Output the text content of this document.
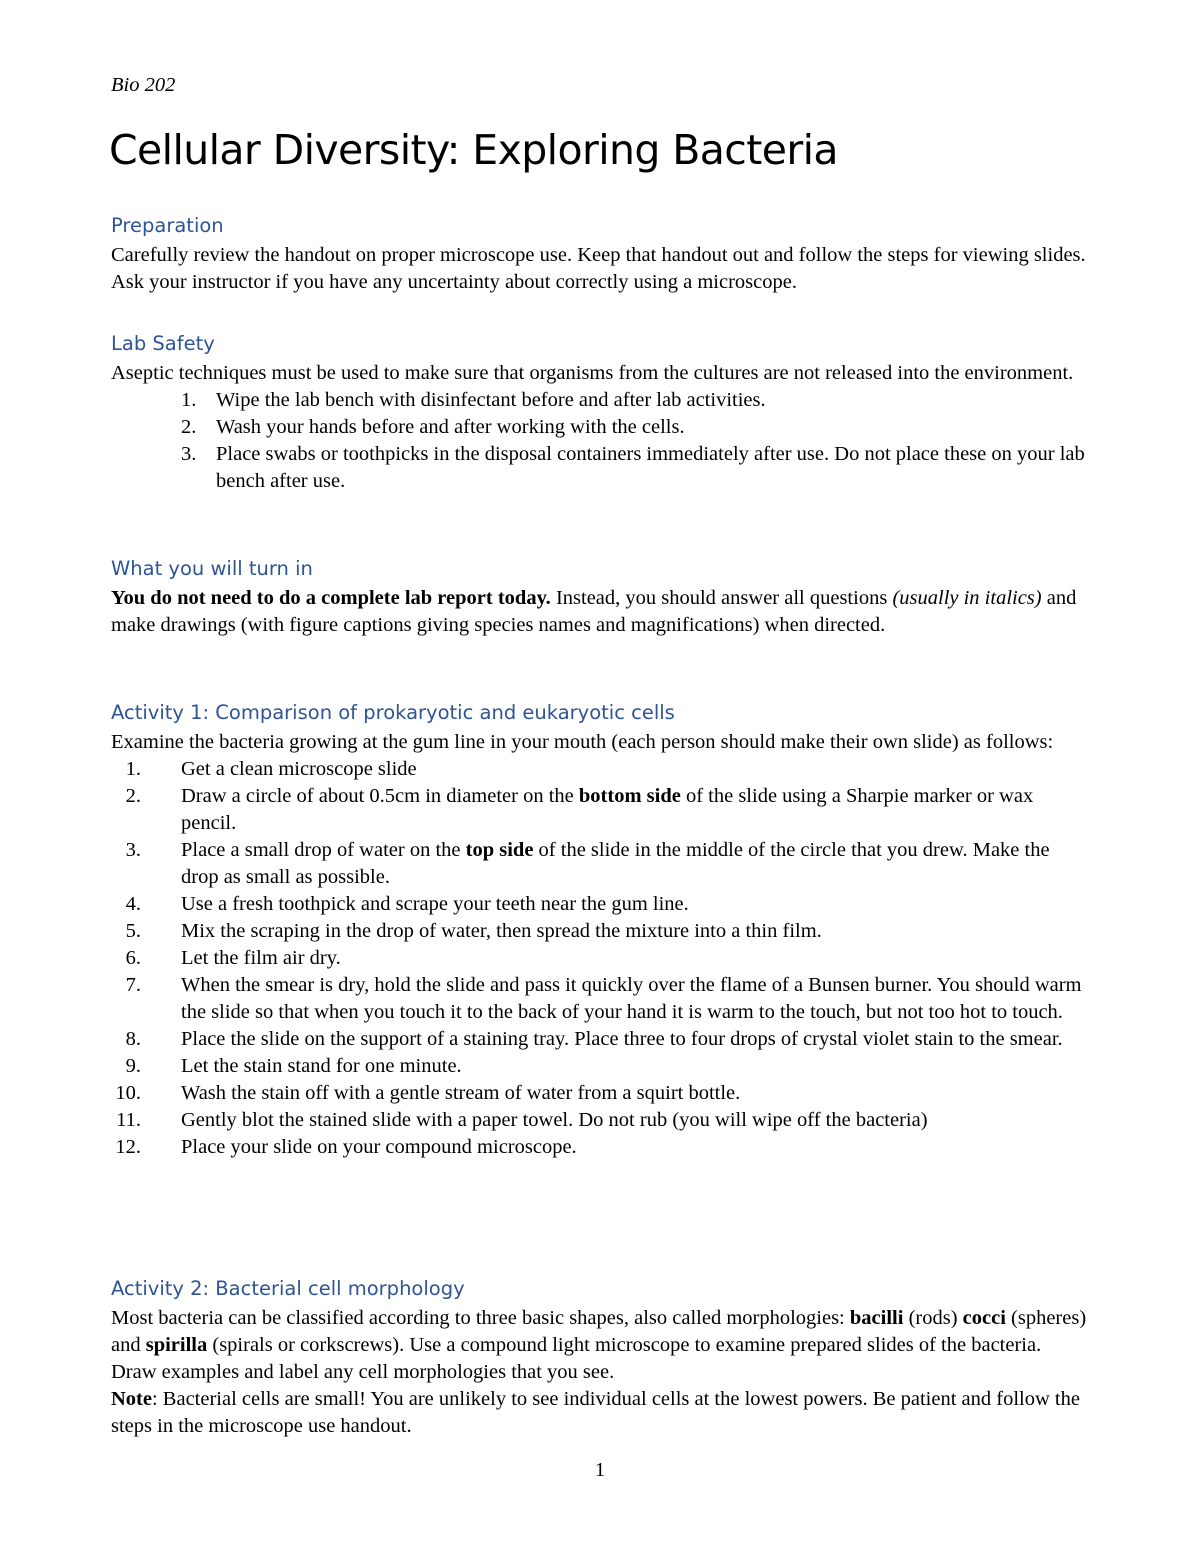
Bio 202
Cellular Diversity: Exploring Bacteria
Preparation

Carefully review the handout on proper microscope use. Keep that handout out and follow the steps for viewing slides. Ask your instructor if you have any uncertainty about correctly using a microscope.

Lab Safety

Aseptic techniques must be used to make sure that organisms from the cultures are not released into the environment.

1. Wipe the lab bench with disinfectant before and after lab activities.
2. Wash your hands before and after working with the cells.
3. Place swabs or toothpicks in the disposal containers immediately after use. Do not place these on your lab bench after use.
What you will turn in

You do not need to do a complete lab report today. Instead, you should answer all questions (usually in italics) and make drawings (with figure captions giving species names and magnifications) when directed.

Activity 1: Comparison of prokaryotic and eukaryotic cells

Examine the bacteria growing at the gum line in your mouth (each person should make their own slide) as follows:

1. Get a clean microscope slide
2. Draw a circle of about 0.5cm in diameter on the bottom side of the slide using a Sharpie marker or wax pencil.
3. Place a small drop of water on the top side of the slide in the middle of the circle that you drew. Make the drop as small as possible.
4. Use a fresh toothpick and scrape your teeth near the gum line.
5. Mix the scraping in the drop of water, then spread the mixture into a thin film.
6. Let the film air dry.
7. When the smear is dry, hold the slide and pass it quickly over the flame of a Bunsen burner. You should warm the slide so that when you touch it to the back of your hand it is warm to the touch, but not too hot to touch.
8. Place the slide on the support of a staining tray. Place three to four drops of crystal violet stain to the smear.
9. Let the stain stand for one minute.
10. Wash the stain off with a gentle stream of water from a squirt bottle.
11. Gently blot the stained slide with a paper towel. Do not rub (you will wipe off the bacteria)
12. Place your slide on your compound microscope.
Activity 2: Bacterial cell morphology

Most bacteria can be classified according to three basic shapes, also called morphologies: bacilli (rods) cocci (spheres) and spirilla (spirals or corkscrews). Use a compound light microscope to examine prepared slides of the bacteria. Draw examples and label any cell morphologies that you see.

Note: Bacterial cells are small! You are unlikely to see individual cells at the lowest powers. Be patient and follow the steps in the microscope use handout.

1
